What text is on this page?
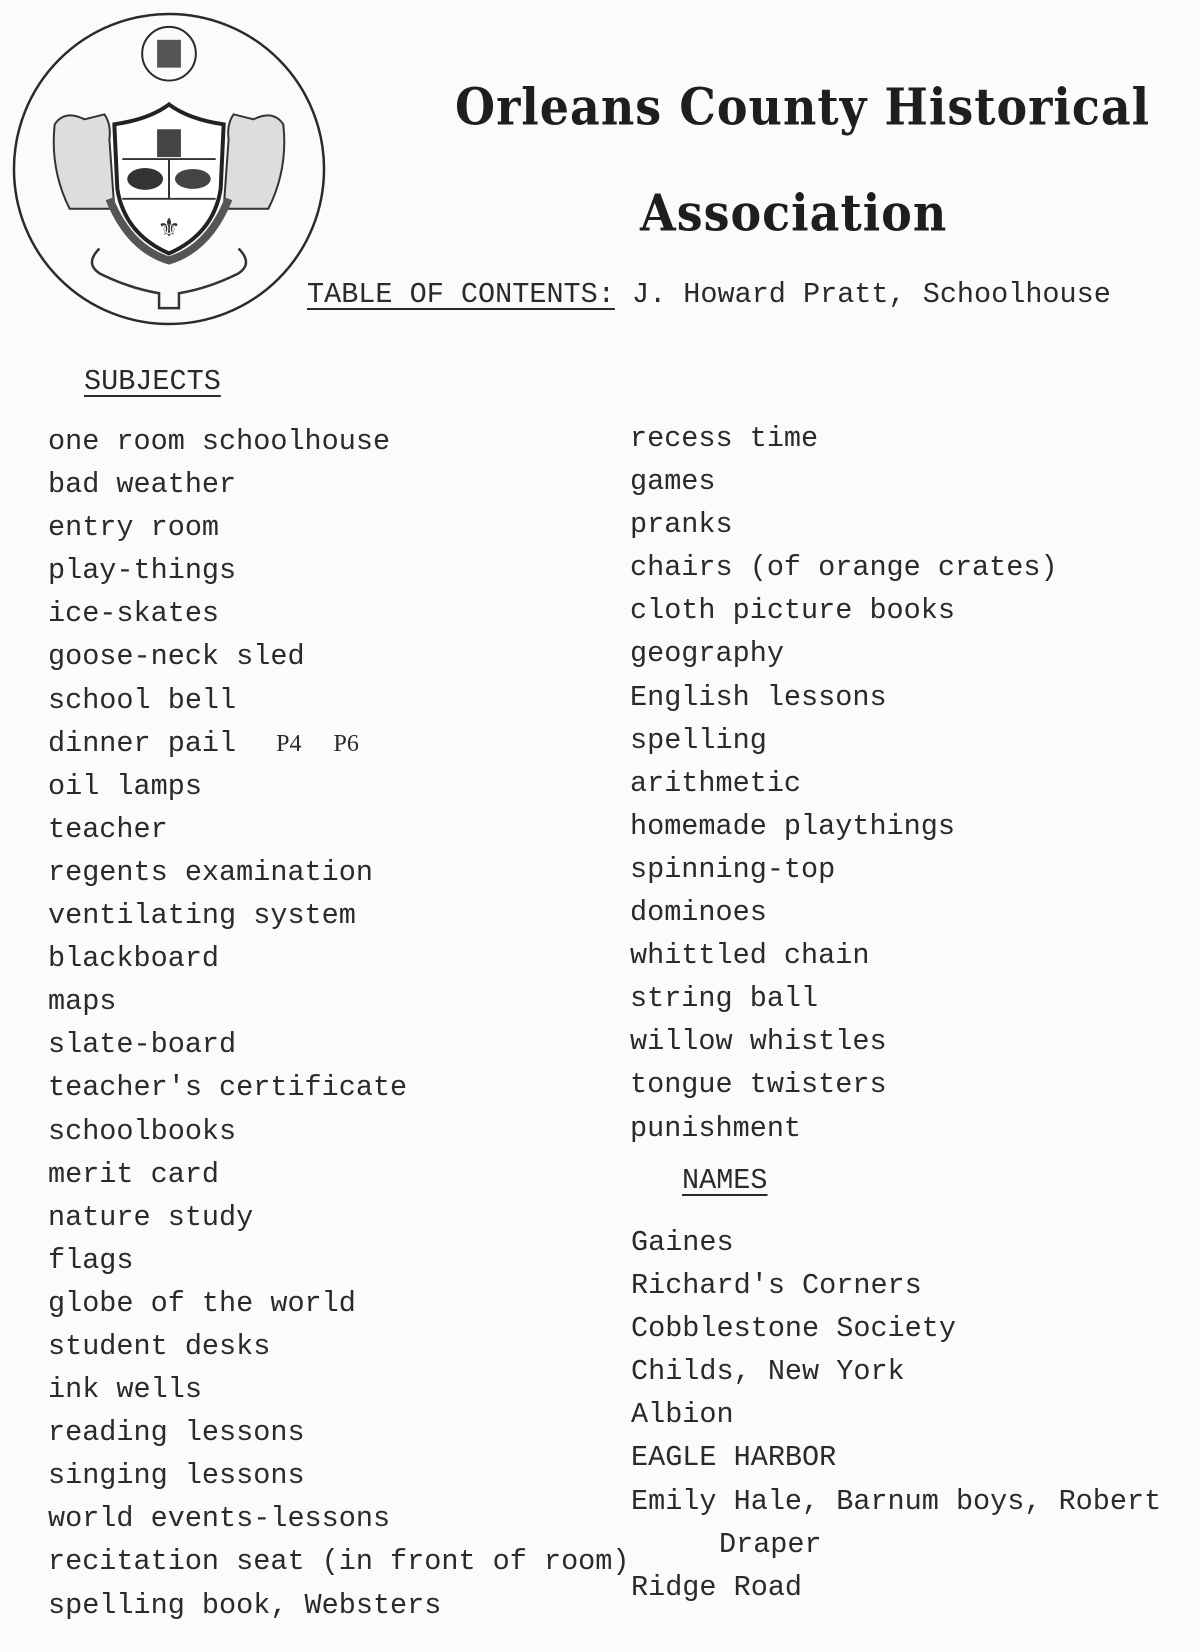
⚜
Orleans County Historical
Association
TABLE OF CONTENTS: J. Howard Pratt, Schoolhouse
SUBJECTS
one room schoolhouse
bad weather
entry room
play-things
ice-skates
goose-neck sled
school bell
dinner pail P4 P6
oil lamps
teacher
regents examination
ventilating system
blackboard
maps
slate-board
teacher's certificate
schoolbooks
merit card
nature study
flags
globe of the world
student desks
ink wells
reading lessons
singing lessons
world events-lessons
recitation seat (in front of room)
spelling book, Websters
recess time
games
pranks
chairs (of orange crates)
cloth picture books
geography
English lessons
spelling
arithmetic
homemade playthings
spinning-top
dominoes
whittled chain
string ball
willow whistles
tongue twisters
punishment
NAMES
Gaines
Richard's Corners
Cobblestone Society
Childs, New York
Albion
EAGLE HARBOR
Emily Hale, Barnum boys, Robert
Draper
Ridge Road
